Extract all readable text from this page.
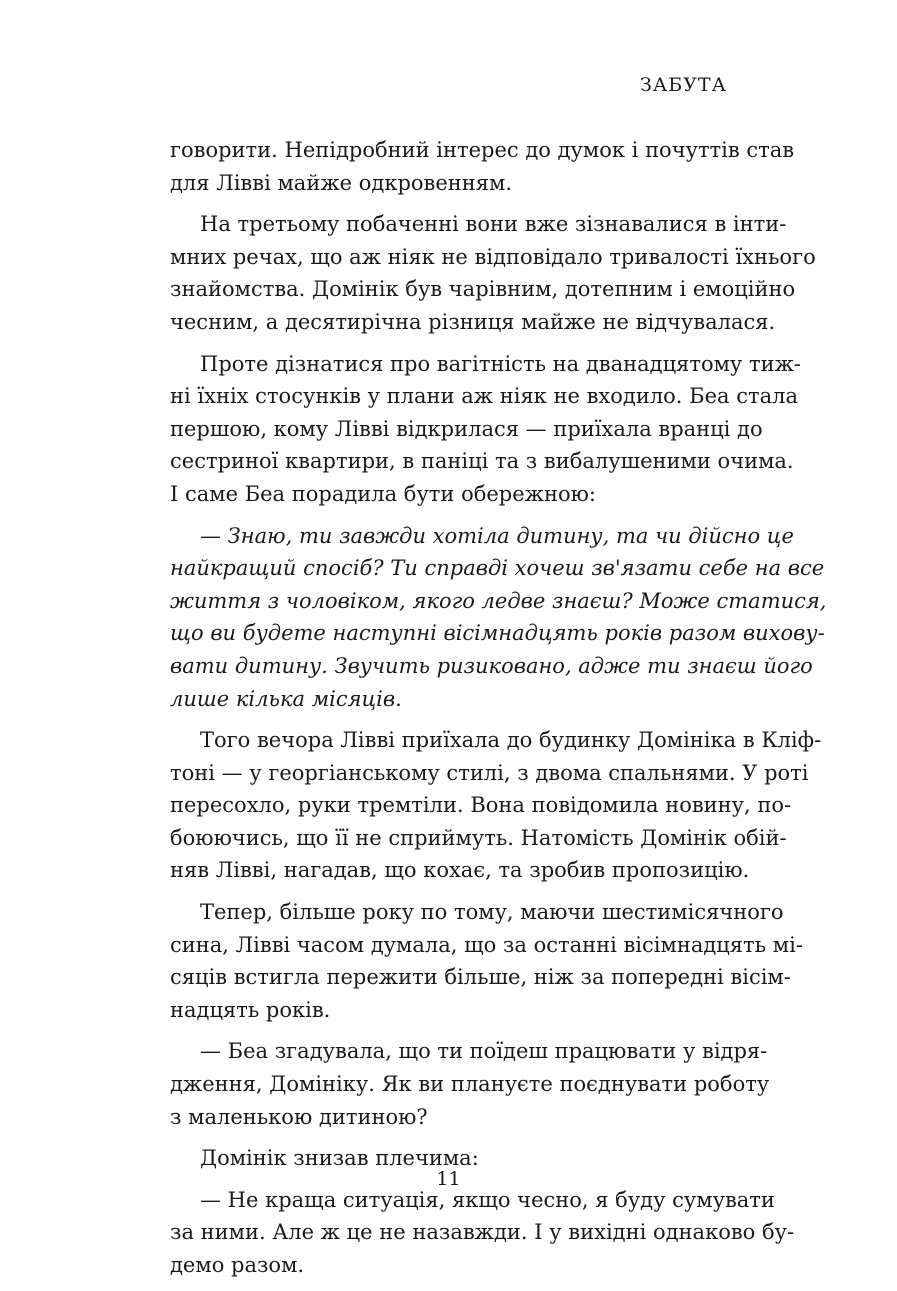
ЗАБУТА
говорити. Непідробний інтерес до думок і почуттів став
для Лівві майже одкровенням.
На третьому побаченні вони вже зізнавалися в інти-
мних речах, що аж ніяк не відповідало тривалості їхнього
знайомства. Домінік був чарівним, дотепним і емоційно
чесним, а десятирічна різниця майже не відчувалася.
Проте дізнатися про вагітність на дванадцятому тиж-
ні їхніх стосунків у плани аж ніяк не входило. Беа стала
першою, кому Лівві відкрилася — приїхала вранці до
сестриної квартири, в паніці та з вибалушеними очима.
І саме Беа порадила бути обережною:
— Знаю, ти завжди хотіла дитину, та чи дійсно це
найкращий спосіб? Ти справді хочеш зв'язати себе на все
життя з чоловіком, якого ледве знаєш? Може статися,
що ви будете наступні вісімнадцять років разом вихову-
вати дитину. Звучить ризиковано, адже ти знаєш його
лише кілька місяців.
Того вечора Лівві приїхала до будинку Домініка в Кліф-
тоні — у георгіанському стилі, з двома спальнями. У роті
пересохло, руки тремтіли. Вона повідомила новину, по-
боюючись, що її не сприймуть. Натомість Домінік обій-
няв Лівві, нагадав, що кохає, та зробив пропозицію.
Тепер, більше року по тому, маючи шестимісячного
сина, Лівві часом думала, що за останні вісімнадцять мі-
сяців встигла пережити більше, ніж за попередні вісім-
надцять років.
— Беа згадувала, що ти поїдеш працювати у відря-
дження, Домініку. Як ви плануєте поєднувати роботу
з маленькою дитиною?
Домінік знизав плечима:
— Не краща ситуація, якщо чесно, я буду сумувати
за ними. Але ж це не назавжди. І у вихідні однаково бу-
демо разом.
11
